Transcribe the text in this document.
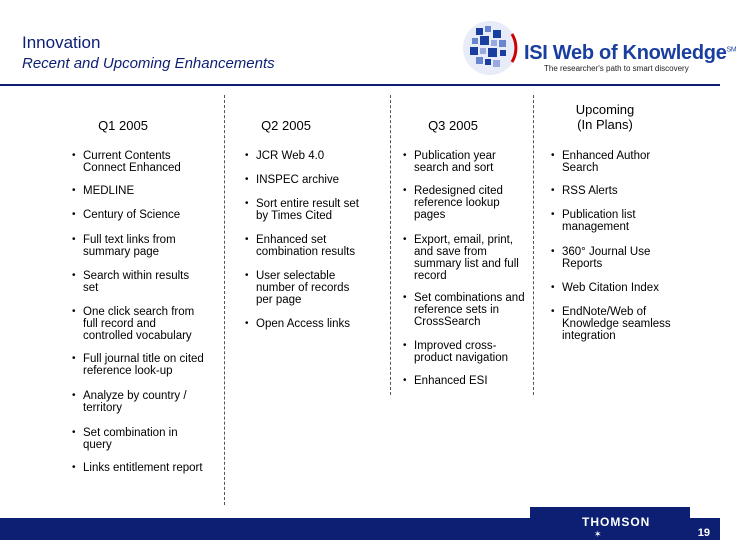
Innovation
Recent and Upcoming Enhancements	ISI Web of Knowledge℠
The researcher's path to smart discovery
Q1 2005	Q2 2005	Q3 2005
Upcoming
(In Plans)
• Current Contents
Connect Enhanced
• MEDLINE
• Century of Science
• Full text links from
summary page
• Search within results
set
• One click search from
full record and
controlled vocabulary
• Full journal title on cited
reference look-up
• Analyze by country /
territory
• Set combination in
query
• Links entitlement report
• JCR Web 4.0
• INSPEC archive
• Sort entire result set
by Times Cited
• Enhanced set
combination results
• User selectable
number of records
per page
• Open Access links
• Publication year
search and sort
• Redesigned cited
reference lookup
pages
• Export, email, print,
and save from
summary list and full
record
• Set combinations and
reference sets in
CrossSearch
• Improved cross-
product navigation
• Enhanced ESI
• Enhanced Author
Search
• RSS Alerts
• Publication list
management
• 360° Journal Use
Reports
• Web Citation Index
• EndNote/Web of
Knowledge seamless
integration
THOMSON
✶	19
